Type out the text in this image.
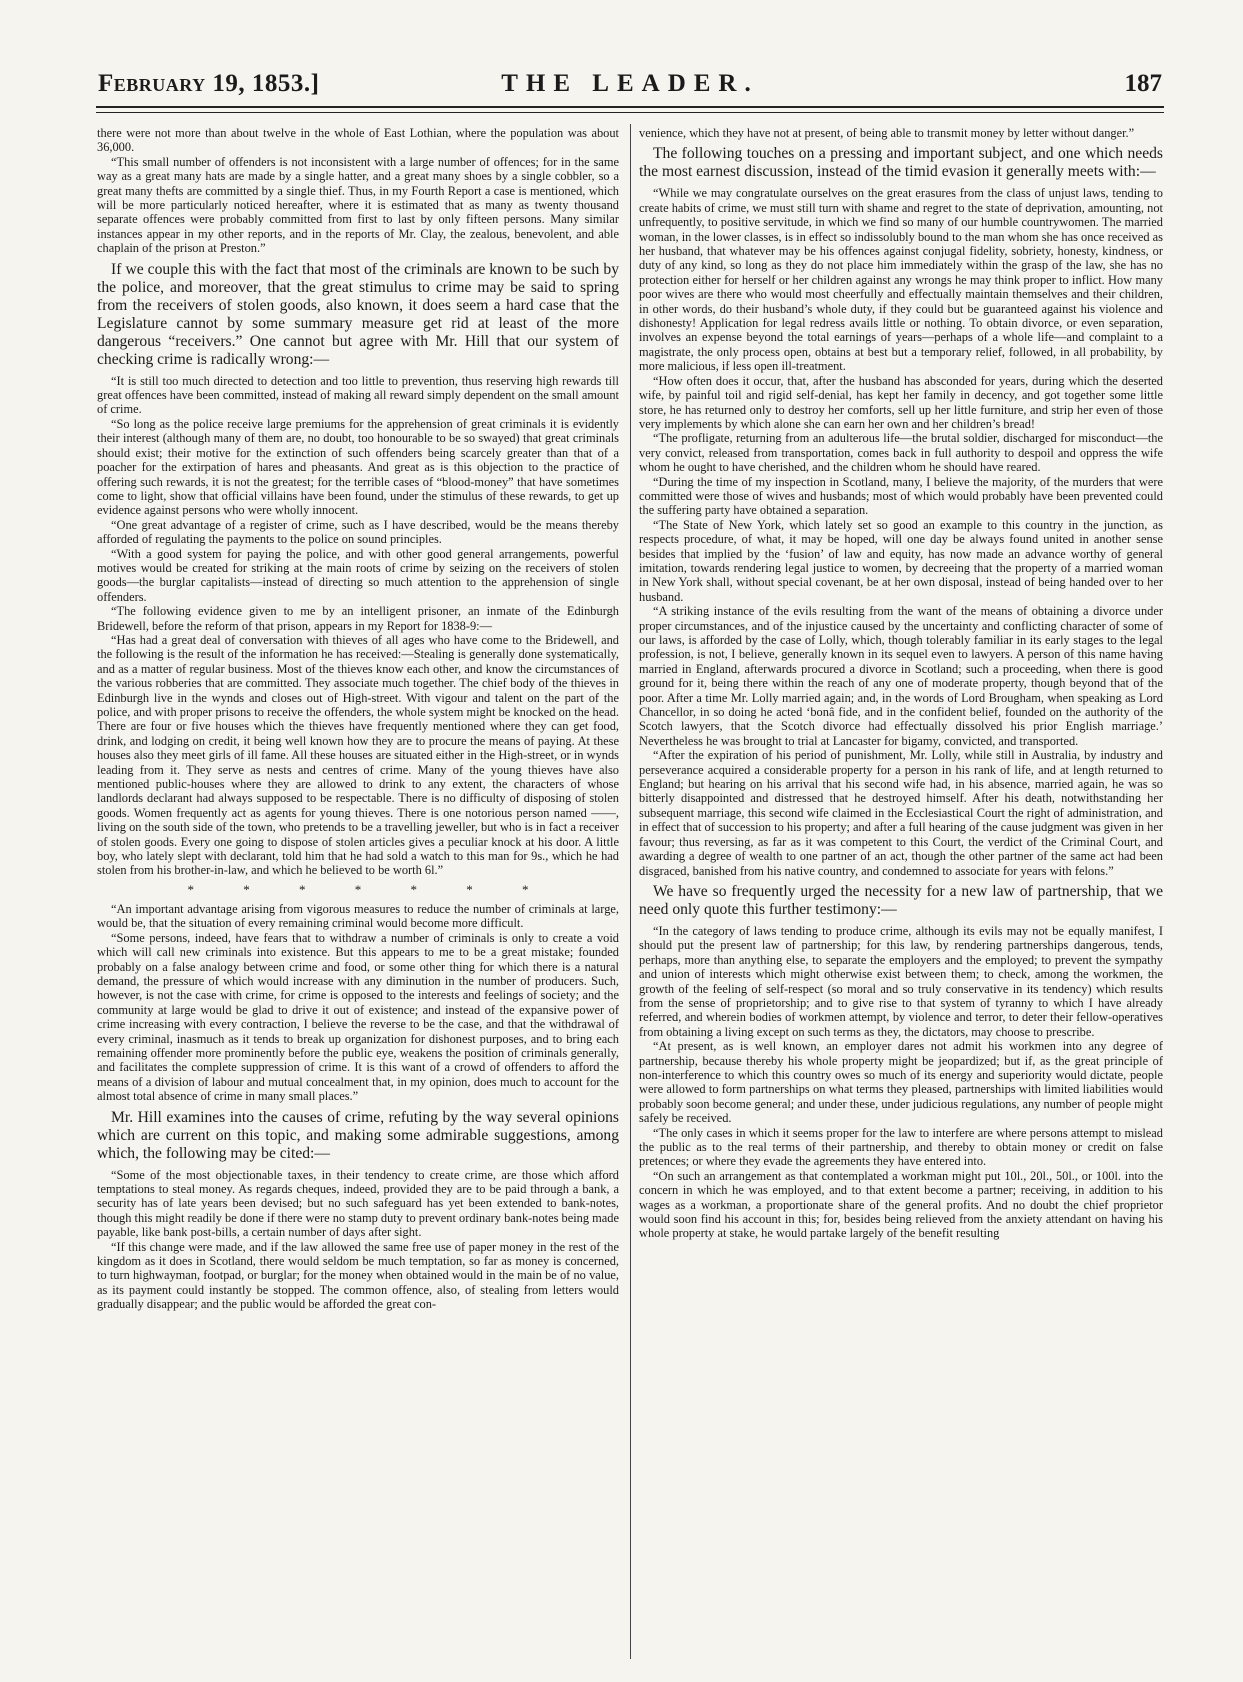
February 19, 1853.]	THE LEADER.	187

there were not more than about twelve in the whole of East Lothian, where the population was about 36,000.

“This small number of offenders is not inconsistent with a large number of offences; for in the same way as a great many hats are made by a single hatter, and a great many shoes by a single cobbler, so a great many thefts are committed by a single thief. Thus, in my Fourth Report a case is mentioned, which will be more particularly noticed hereafter, where it is estimated that as many as twenty thousand separate offences were probably committed from first to last by only fifteen persons. Many similar instances appear in my other reports, and in the reports of Mr. Clay, the zealous, benevolent, and able chaplain of the prison at Preston.”

If we couple this with the fact that most of the criminals are known to be such by the police, and moreover, that the great stimulus to crime may be said to spring from the receivers of stolen goods, also known, it does seem a hard case that the Legislature cannot by some summary measure get rid at least of the more dangerous “receivers.” One cannot but agree with Mr. Hill that our system of checking crime is radically wrong:—

“It is still too much directed to detection and too little to prevention, thus reserving high rewards till great offences have been committed, instead of making all reward simply dependent on the small amount of crime.

“So long as the police receive large premiums for the apprehension of great criminals it is evidently their interest (although many of them are, no doubt, too honourable to be so swayed) that great criminals should exist; their motive for the extinction of such offenders being scarcely greater than that of a poacher for the extirpation of hares and pheasants. And great as is this objection to the practice of offering such rewards, it is not the greatest; for the terrible cases of “blood-money” that have sometimes come to light, show that official villains have been found, under the stimulus of these rewards, to get up evidence against persons who were wholly innocent.

“One great advantage of a register of crime, such as I have described, would be the means thereby afforded of regulating the payments to the police on sound principles.

“With a good system for paying the police, and with other good general arrangements, powerful motives would be created for striking at the main roots of crime by seizing on the receivers of stolen goods—the burglar capitalists—instead of directing so much attention to the apprehension of single offenders.

“The following evidence given to me by an intelligent prisoner, an inmate of the Edinburgh Bridewell, before the reform of that prison, appears in my Report for 1838-9:—

“Has had a great deal of conversation with thieves of all ages who have come to the Bridewell, and the following is the result of the information he has received:—Stealing is generally done systematically, and as a matter of regular business. Most of the thieves know each other, and know the circumstances of the various robberies that are committed. They associate much together. The chief body of the thieves in Edinburgh live in the wynds and closes out of High-street. With vigour and talent on the part of the police, and with proper prisons to receive the offenders, the whole system might be knocked on the head. There are four or five houses which the thieves have frequently mentioned where they can get food, drink, and lodging on credit, it being well known how they are to procure the means of paying. At these houses also they meet girls of ill fame. All these houses are situated either in the High-street, or in wynds leading from it. They serve as nests and centres of crime. Many of the young thieves have also mentioned public-houses where they are allowed to drink to any extent, the characters of whose landlords declarant had always supposed to be respectable. There is no difficulty of disposing of stolen goods. Women frequently act as agents for young thieves. There is one notorious person named ——, living on the south side of the town, who pretends to be a travelling jeweller, but who is in fact a receiver of stolen goods. Every one going to dispose of stolen articles gives a peculiar knock at his door. A little boy, who lately slept with declarant, told him that he had sold a watch to this man for 9s., which he had stolen from his brother-in-law, and which he believed to be worth 6l.”

* * * * * * *

“An important advantage arising from vigorous measures to reduce the number of criminals at large, would be, that the situation of every remaining criminal would become more difficult.

“Some persons, indeed, have fears that to withdraw a number of criminals is only to create a void which will call new criminals into existence. But this appears to me to be a great mistake; founded probably on a false analogy between crime and food, or some other thing for which there is a natural demand, the pressure of which would increase with any diminution in the number of producers. Such, however, is not the case with crime, for crime is opposed to the interests and feelings of society; and the community at large would be glad to drive it out of existence; and instead of the expansive power of crime increasing with every contraction, I believe the reverse to be the case, and that the withdrawal of every criminal, inasmuch as it tends to break up organization for dishonest purposes, and to bring each remaining offender more prominently before the public eye, weakens the position of criminals generally, and facilitates the complete suppression of crime. It is this want of a crowd of offenders to afford the means of a division of labour and mutual concealment that, in my opinion, does much to account for the almost total absence of crime in many small places.”

Mr. Hill examines into the causes of crime, refuting by the way several opinions which are current on this topic, and making some admirable suggestions, among which, the following may be cited:—

“Some of the most objectionable taxes, in their tendency to create crime, are those which afford temptations to steal money. As regards cheques, indeed, provided they are to be paid through a bank, a security has of late years been devised; but no such safeguard has yet been extended to bank-notes, though this might readily be done if there were no stamp duty to prevent ordinary bank-notes being made payable, like bank post-bills, a certain number of days after sight.

“If this change were made, and if the law allowed the same free use of paper money in the rest of the kingdom as it does in Scotland, there would seldom be much temptation, so far as money is concerned, to turn highwayman, footpad, or burglar; for the money when obtained would in the main be of no value, as its payment could instantly be stopped. The common offence, also, of stealing from letters would gradually disappear; and the public would be afforded the great con-

venience, which they have not at present, of being able to transmit money by letter without danger.”

The following touches on a pressing and important subject, and one which needs the most earnest discussion, instead of the timid evasion it generally meets with:—

“While we may congratulate ourselves on the great erasures from the class of unjust laws, tending to create habits of crime, we must still turn with shame and regret to the state of deprivation, amounting, not unfrequently, to positive servitude, in which we find so many of our humble countrywomen. The married woman, in the lower classes, is in effect so indissolubly bound to the man whom she has once received as her husband, that whatever may be his offences against conjugal fidelity, sobriety, honesty, kindness, or duty of any kind, so long as they do not place him immediately within the grasp of the law, she has no protection either for herself or her children against any wrongs he may think proper to inflict. How many poor wives are there who would most cheerfully and effectually maintain themselves and their children, in other words, do their husband’s whole duty, if they could but be guaranteed against his violence and dishonesty! Application for legal redress avails little or nothing. To obtain divorce, or even separation, involves an expense beyond the total earnings of years—perhaps of a whole life—and complaint to a magistrate, the only process open, obtains at best but a temporary relief, followed, in all probability, by more malicious, if less open ill-treatment.

“How often does it occur, that, after the husband has absconded for years, during which the deserted wife, by painful toil and rigid self-denial, has kept her family in decency, and got together some little store, he has returned only to destroy her comforts, sell up her little furniture, and strip her even of those very implements by which alone she can earn her own and her children’s bread!

“The profligate, returning from an adulterous life—the brutal soldier, discharged for misconduct—the very convict, released from transportation, comes back in full authority to despoil and oppress the wife whom he ought to have cherished, and the children whom he should have reared.

“During the time of my inspection in Scotland, many, I believe the majority, of the murders that were committed were those of wives and husbands; most of which would probably have been prevented could the suffering party have obtained a separation.

“The State of New York, which lately set so good an example to this country in the junction, as respects procedure, of what, it may be hoped, will one day be always found united in another sense besides that implied by the ‘fusion’ of law and equity, has now made an advance worthy of general imitation, towards rendering legal justice to women, by decreeing that the property of a married woman in New York shall, without special covenant, be at her own disposal, instead of being handed over to her husband.

“A striking instance of the evils resulting from the want of the means of obtaining a divorce under proper circumstances, and of the injustice caused by the uncertainty and conflicting character of some of our laws, is afforded by the case of Lolly, which, though tolerably familiar in its early stages to the legal profession, is not, I believe, generally known in its sequel even to lawyers. A person of this name having married in England, afterwards procured a divorce in Scotland; such a proceeding, when there is good ground for it, being there within the reach of any one of moderate property, though beyond that of the poor. After a time Mr. Lolly married again; and, in the words of Lord Brougham, when speaking as Lord Chancellor, in so doing he acted ‘bonâ fide, and in the confident belief, founded on the authority of the Scotch lawyers, that the Scotch divorce had effectually dissolved his prior English marriage.’ Nevertheless he was brought to trial at Lancaster for bigamy, convicted, and transported.

“After the expiration of his period of punishment, Mr. Lolly, while still in Australia, by industry and perseverance acquired a considerable property for a person in his rank of life, and at length returned to England; but hearing on his arrival that his second wife had, in his absence, married again, he was so bitterly disappointed and distressed that he destroyed himself. After his death, notwithstanding her subsequent marriage, this second wife claimed in the Ecclesiastical Court the right of administration, and in effect that of succession to his property; and after a full hearing of the cause judgment was given in her favour; thus reversing, as far as it was competent to this Court, the verdict of the Criminal Court, and awarding a degree of wealth to one partner of an act, though the other partner of the same act had been disgraced, banished from his native country, and condemned to associate for years with felons.”

We have so frequently urged the necessity for a new law of partnership, that we need only quote this further testimony:—

“In the category of laws tending to produce crime, although its evils may not be equally manifest, I should put the present law of partnership; for this law, by rendering partnerships dangerous, tends, perhaps, more than anything else, to separate the employers and the employed; to prevent the sympathy and union of interests which might otherwise exist between them; to check, among the workmen, the growth of the feeling of self-respect (so moral and so truly conservative in its tendency) which results from the sense of proprietorship; and to give rise to that system of tyranny to which I have already referred, and wherein bodies of workmen attempt, by violence and terror, to deter their fellow-operatives from obtaining a living except on such terms as they, the dictators, may choose to prescribe.

“At present, as is well known, an employer dares not admit his workmen into any degree of partnership, because thereby his whole property might be jeopardized; but if, as the great principle of non-interference to which this country owes so much of its energy and superiority would dictate, people were allowed to form partnerships on what terms they pleased, partnerships with limited liabilities would probably soon become general; and under these, under judicious regulations, any number of people might safely be received.

“The only cases in which it seems proper for the law to interfere are where persons attempt to mislead the public as to the real terms of their partnership, and thereby to obtain money or credit on false pretences; or where they evade the agreements they have entered into.

“On such an arrangement as that contemplated a workman might put 10l., 20l., 50l., or 100l. into the concern in which he was employed, and to that extent become a partner; receiving, in addition to his wages as a workman, a proportionate share of the general profits. And no doubt the chief proprietor would soon find his account in this; for, besides being relieved from the anxiety attendant on having his whole property at stake, he would partake largely of the benefit resulting
